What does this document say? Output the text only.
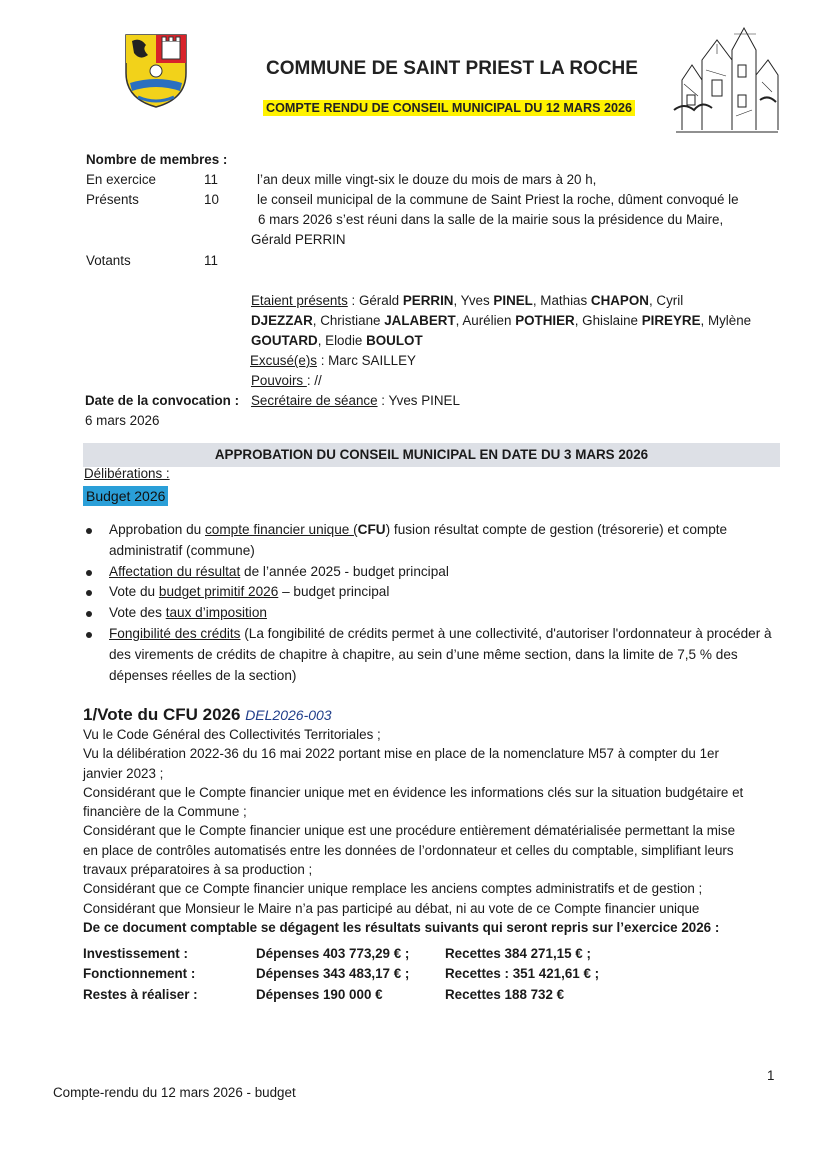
COMMUNE DE SAINT PRIEST LA ROCHE
COMPTE RENDU DE CONSEIL MUNICIPAL DU 12 MARS 2026
Nombre de membres :
En exercice	11
Présents	10
Votants	11
l’an deux mille vingt-six le douze du mois de mars à 20 h,
le conseil municipal de la commune de Saint Priest la roche, dûment convoqué le
6 mars 2026 s’est réuni dans la salle de la mairie sous la présidence du Maire,
Gérald PERRIN
Etaient présents : Gérald PERRIN, Yves PINEL, Mathias CHAPON, Cyril
DJEZZAR, Christiane JALABERT, Aurélien POTHIER, Ghislaine PIREYRE, Mylène
GOUTARD, Elodie BOULOT
Excusé(e)s : Marc SAILLEY
Pouvoirs : //
Secrétaire de séance : Yves PINEL
Date de la convocation :
6 mars 2026
APPROBATION DU CONSEIL MUNICIPAL EN DATE DU 3 MARS 2026
Délibérations :
Budget 2026
Approbation du compte financier unique (CFU) fusion résultat compte de gestion (trésorerie) et compte administratif (commune)
Affectation du résultat de l’année 2025 - budget principal
Vote du budget primitif 2026 – budget principal
Vote des taux d’imposition
Fongibilité des crédits (La fongibilité de crédits permet à une collectivité, d'autoriser l'ordonnateur à procéder à des virements de crédits de chapitre à chapitre, au sein d’une même section, dans la limite de 7,5 % des dépenses réelles de la section)
1/Vote du CFU 2026 DEL2026-003
Vu le Code Général des Collectivités Territoriales ;
Vu la délibération 2022-36 du 16 mai 2022 portant mise en place de la nomenclature M57 à compter du 1er
janvier 2023 ;
Considérant que le Compte financier unique met en évidence les informations clés sur la situation budgétaire et
financière de la Commune ;
Considérant que le Compte financier unique est une procédure entièrement dématérialisée permettant la mise
en place de contrôles automatisés entre les données de l’ordonnateur et celles du comptable, simplifiant leurs
travaux préparatoires à sa production ;
Considérant que ce Compte financier unique remplace les anciens comptes administratifs et de gestion ;
Considérant que Monsieur le Maire n’a pas participé au débat, ni au vote de ce Compte financier unique
De ce document comptable se dégagent les résultats suivants qui seront repris sur l’exercice 2026 :
Investissement :	Dépenses 403 773,29 € ;	Recettes 384 271,15 € ;
Fonctionnement :	Dépenses 343 483,17 € ;	Recettes : 351 421,61 € ;
Restes à réaliser :	Dépenses 190 000 €	Recettes 188 732 €
1
Compte-rendu du 12 mars 2026 - budget
